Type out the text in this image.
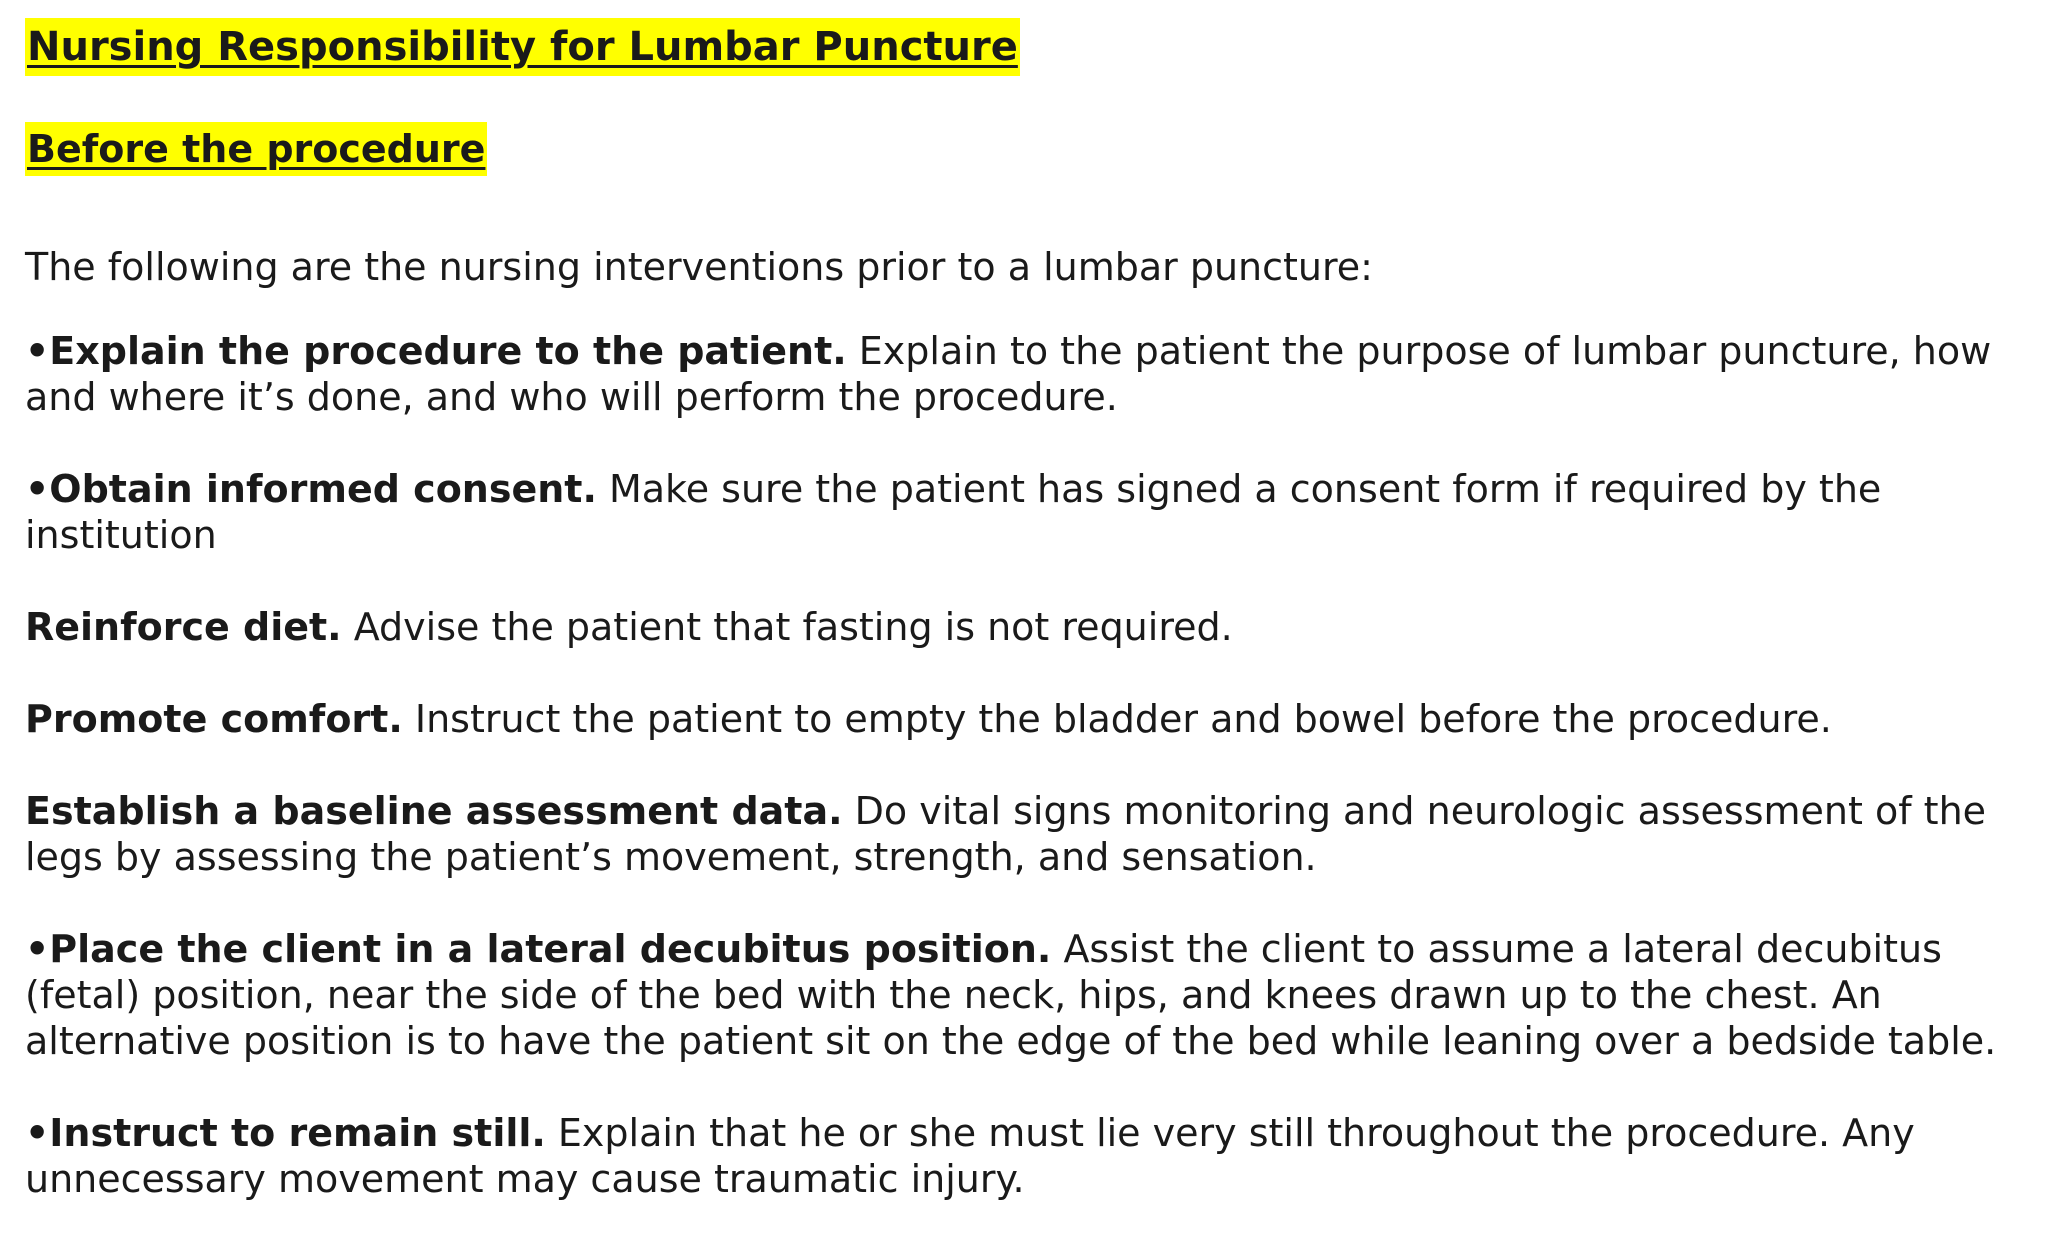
Nursing Responsibility for Lumbar Puncture
Before the procedure

The following are the nursing interventions prior to a lumbar puncture:

•Explain the procedure to the patient. Explain to the patient the purpose of lumbar puncture, how and where it’s done, and who will perform the procedure.

•Obtain informed consent. Make sure the patient has signed a consent form if required by the institution

Reinforce diet. Advise the patient that fasting is not required.

Promote comfort. Instruct the patient to empty the bladder and bowel before the procedure.

Establish a baseline assessment data. Do vital signs monitoring and neurologic assessment of the legs by assessing the patient’s movement, strength, and sensation.

•Place the client in a lateral decubitus position. Assist the client to assume a lateral decubitus (fetal) position, near the side of the bed with the neck, hips, and knees drawn up to the chest. An alternative position is to have the patient sit on the edge of the bed while leaning over a bedside table.

•Instruct to remain still. Explain that he or she must lie very still throughout the procedure. Any unnecessary movement may cause traumatic injury.
